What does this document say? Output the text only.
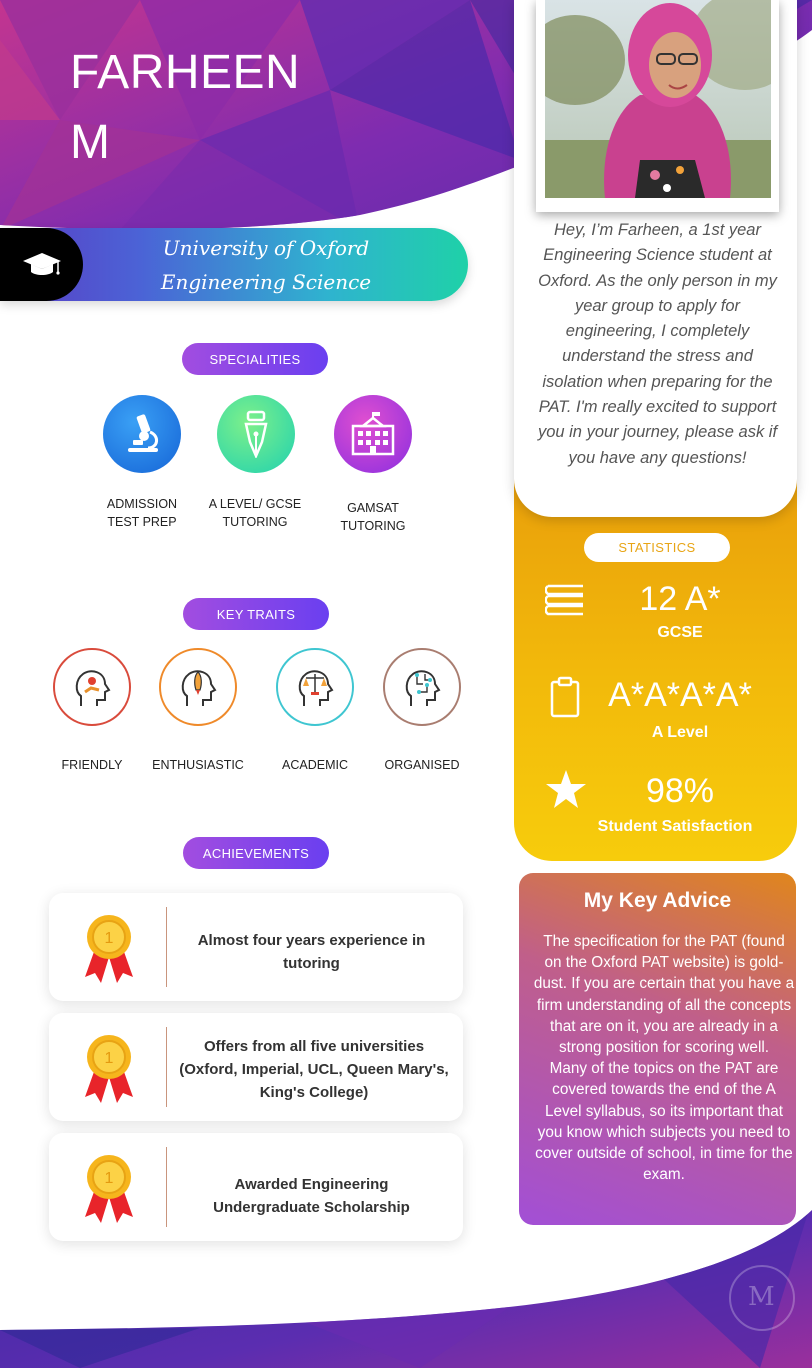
M
FARHEEN
M
University of Oxford
Engineering Science
SPECIALITIES
ADMISSION
TEST PREP
A LEVEL/ GCSE
TUTORING
GAMSAT
TUTORING
KEY TRAITS
FRIENDLY	ENTHUSIASTIC	ACADEMIC	ORGANISED
ACHIEVEMENTS
1	Almost four years experience in tutoring
1
Offers from all five universities (Oxford, Imperial, UCL, Queen Mary's, King's College)
1	Awarded Engineering Undergraduate Scholarship
Hey, I’m Farheen, a 1st year Engineering Science student at Oxford. As the only person in my year group to apply for engineering, I completely understand the stress and isolation when preparing for the PAT. I'm really excited to support you in your journey, please ask if you have any questions!
STATISTICS
12 A*
GCSE
A*A*A*A*
A Level
98%
Student Satisfaction
My Key Advice
The specification for the PAT (found on the Oxford PAT website) is gold-dust. If you are certain that you have a firm understanding of all the concepts that are on it, you are already in a strong position for scoring well.
Many of the topics on the PAT are covered towards the end of the A Level syllabus, so its important that you know which subjects you need to cover outside of school, in time for the exam.
